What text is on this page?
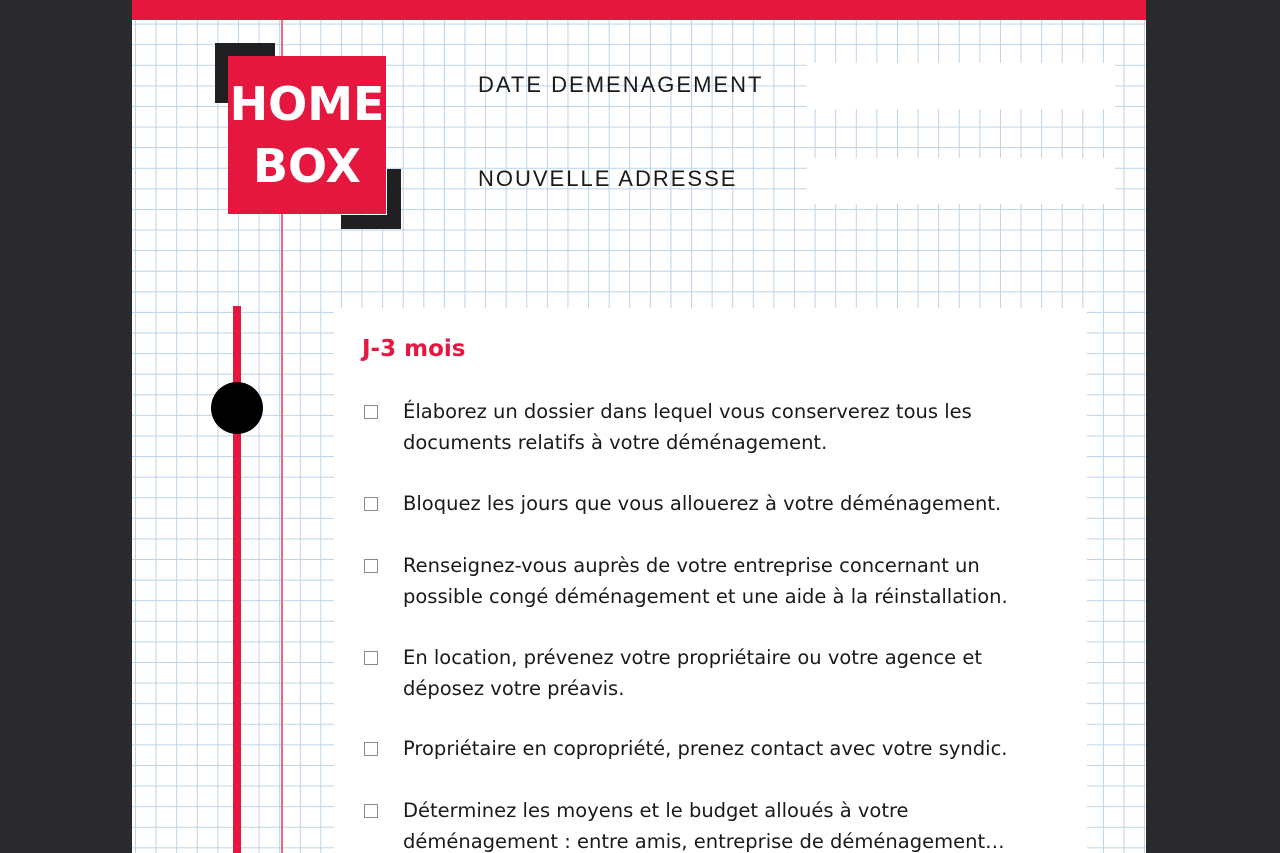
HOME
BOX
DATE DEMENAGEMENT
NOUVELLE ADRESSE
J-3 mois
Élaborez un dossier dans lequel vous conserverez tous les documents relatifs à votre déménagement.
Bloquez les jours que vous allouerez à votre déménagement.
Renseignez-vous auprès de votre entreprise concernant un possible congé déménagement et une aide à la réinstallation.
En location, prévenez votre propriétaire ou votre agence et déposez votre préavis.
Propriétaire en copropriété, prenez contact avec votre syndic.
Déterminez les moyens et le budget alloués à votre déménagement : entre amis, entreprise de déménagement…
